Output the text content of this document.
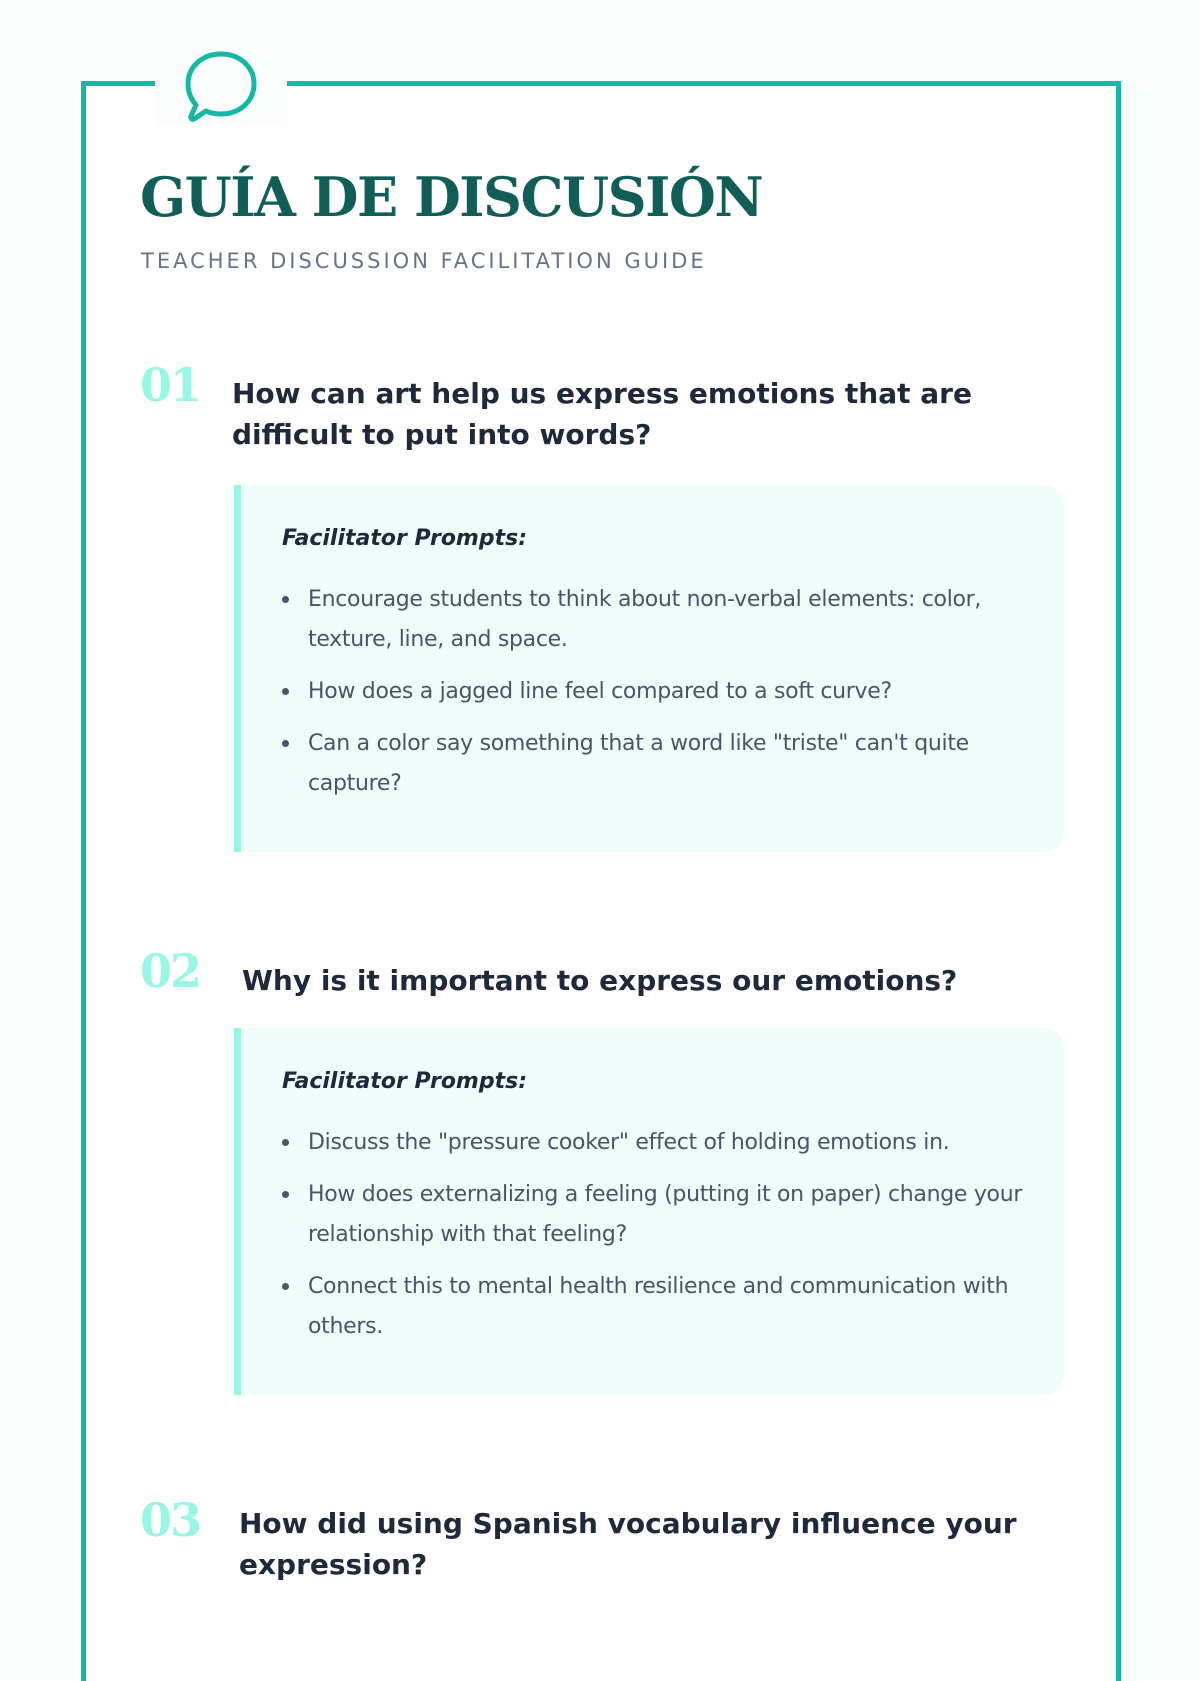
GUÍA DE DISCUSIÓN

TEACHER DISCUSSION FACILITATION GUIDE

01 How can art help us express emotions that are difficult to put into words?

Facilitator Prompts:

Encourage students to think about non-verbal elements: color, texture, line, and space.
How does a jagged line feel compared to a soft curve?
Can a color say something that a word like "triste" can't quite capture?
02 Why is it important to express our emotions?

Facilitator Prompts:

Discuss the "pressure cooker" effect of holding emotions in.
How does externalizing a feeling (putting it on paper) change your relationship with that feeling?
Connect this to mental health resilience and communication with others.
03 How did using Spanish vocabulary influence your expression?
